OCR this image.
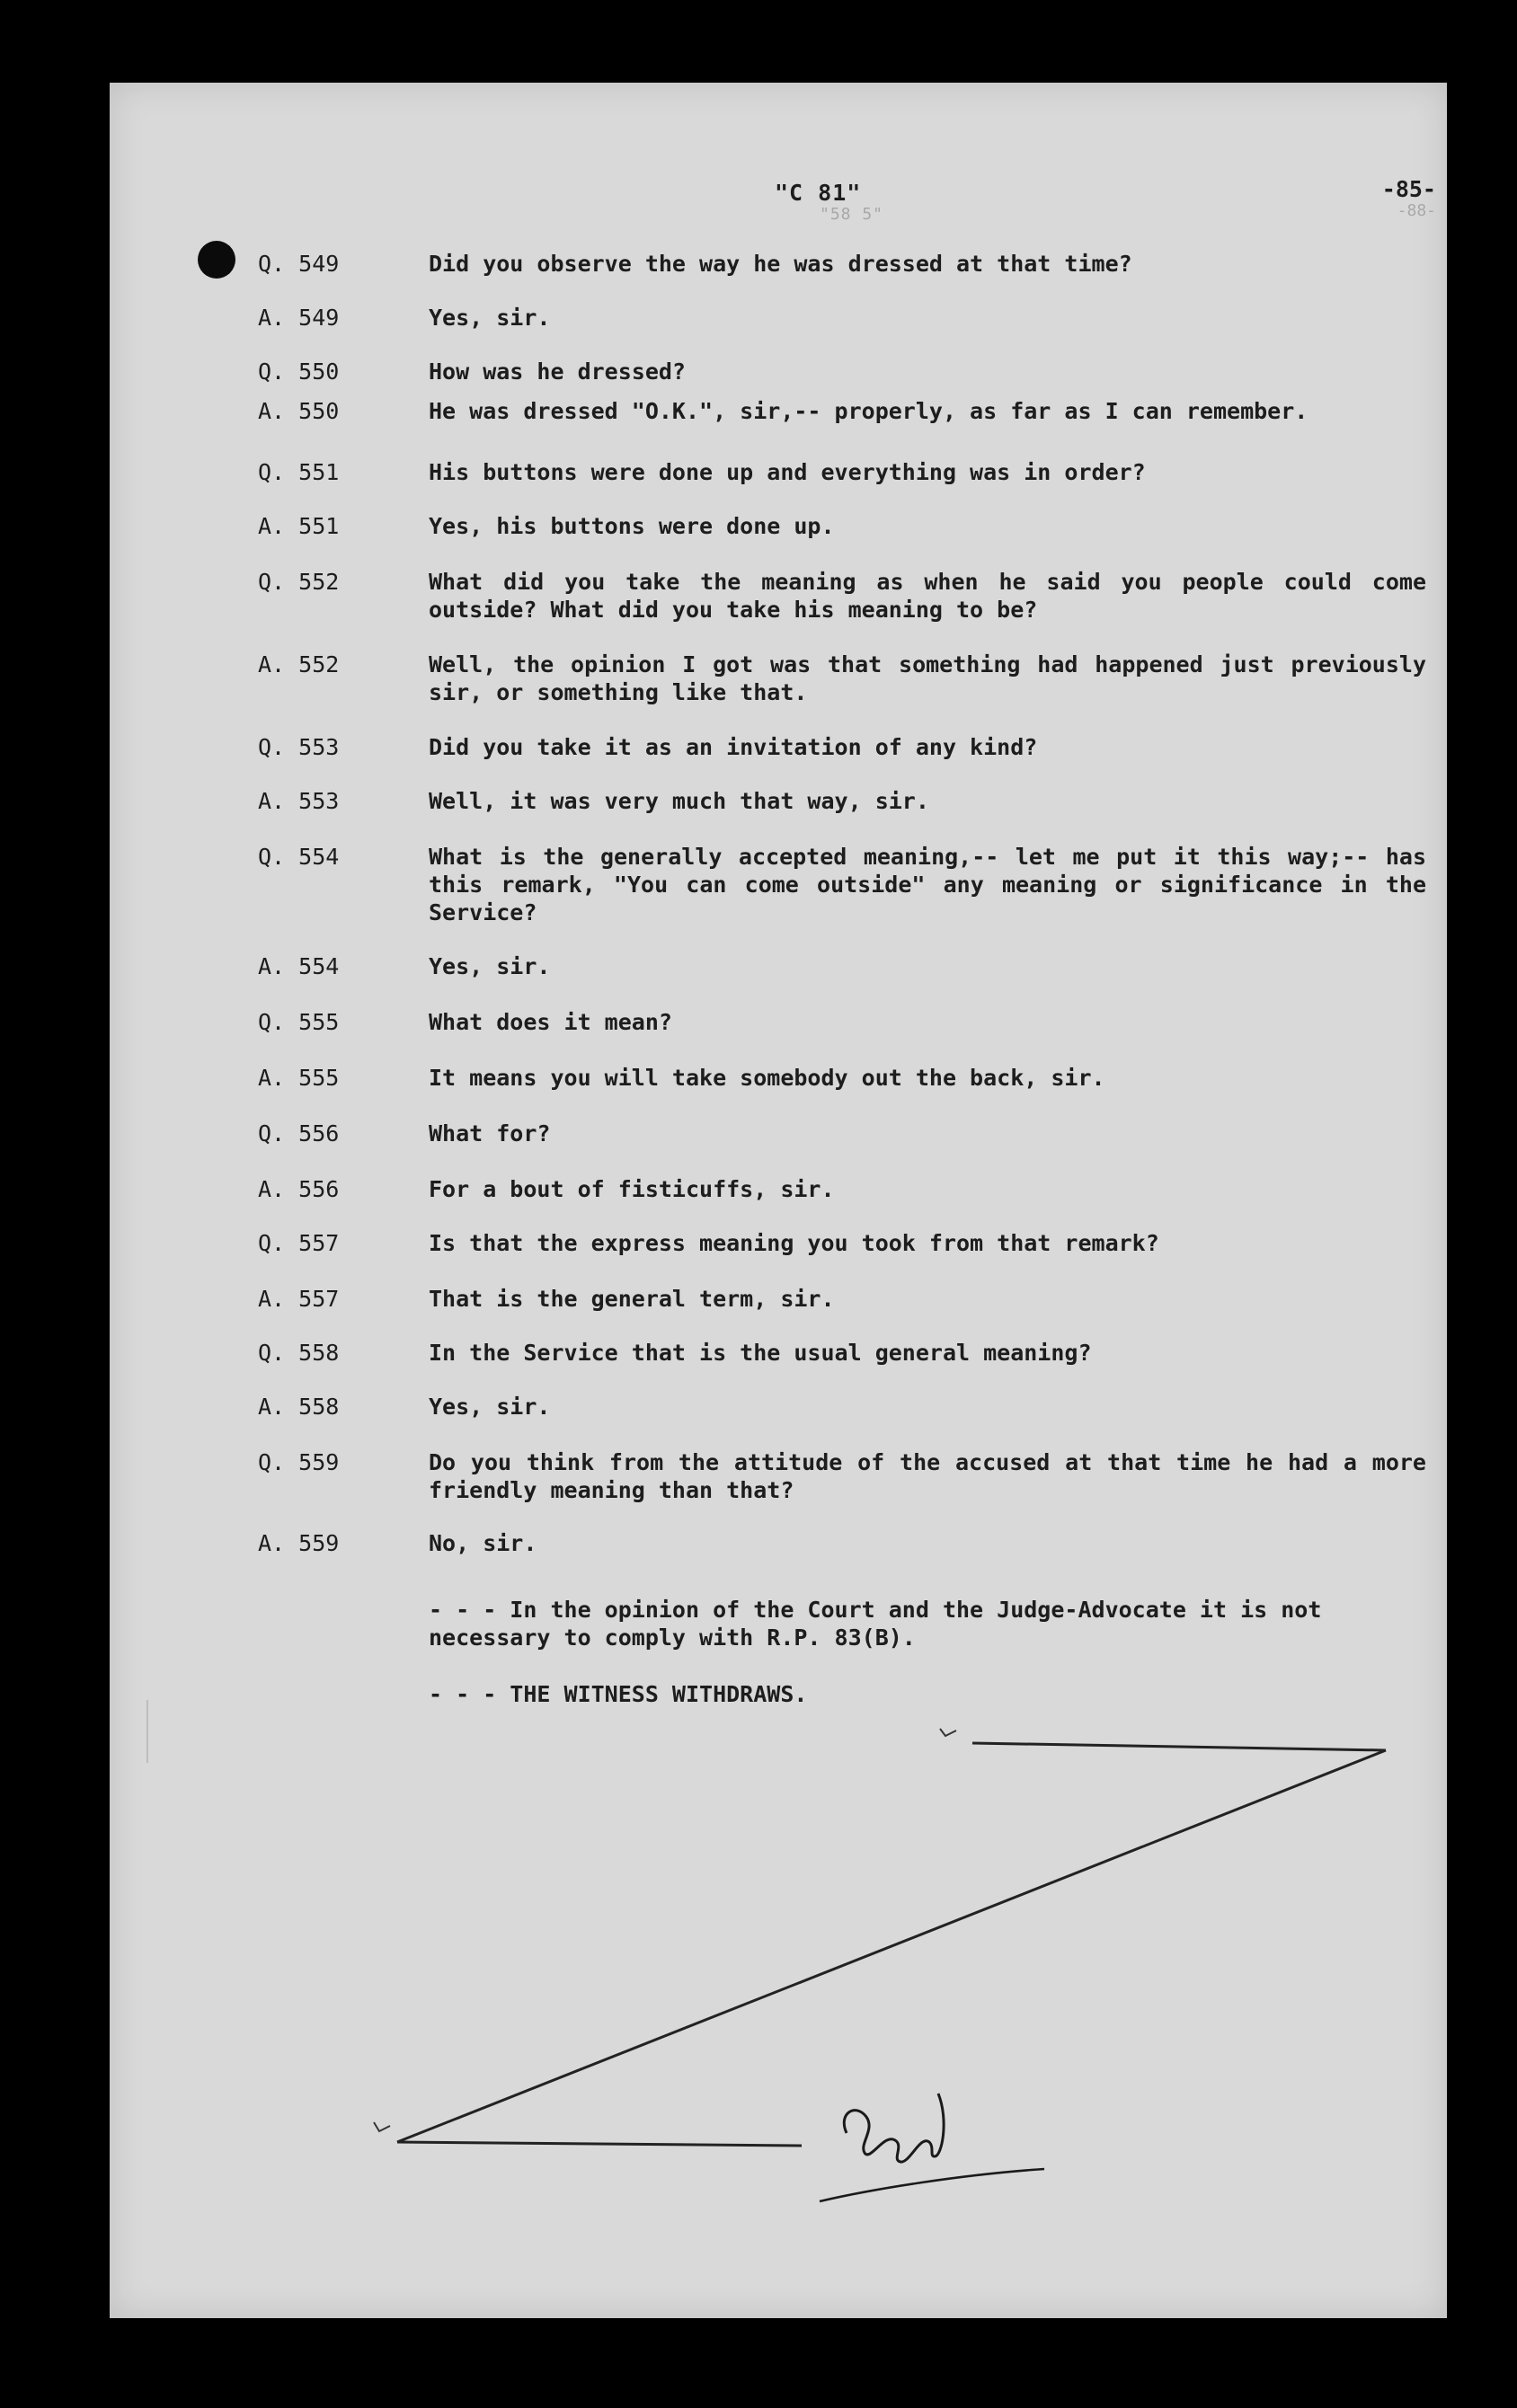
"58 5"
"C 81"
-88-
-85-
Q. 549	Did you observe the way he was dressed at that time?
A. 549	Yes, sir.
Q. 550	How was he dressed?
A. 550	He was dressed "O.K.", sir,-- properly, as far as I can remember.
Q. 551	His buttons were done up and everything was in order?
A. 551	Yes, his buttons were done up.
Q. 552	What did you take the meaning as when he said you people could come outside? What did you take his meaning to be?
A. 552	Well, the opinion I got was that something had happened just previously sir, or something like that.
Q. 553	Did you take it as an invitation of any kind?
A. 553	Well, it was very much that way, sir.
Q. 554	What is the generally accepted meaning,-- let me put it this way;-- has this remark, "You can come outside" any meaning or significance in the Service?
A. 554	Yes, sir.
Q. 555	What does it mean?
A. 555	It means you will take somebody out the back, sir.
Q. 556	What for?
A. 556	For a bout of fisticuffs, sir.
Q. 557	Is that the express meaning you took from that remark?
A. 557	That is the general term, sir.
Q. 558	In the Service that is the usual general meaning?
A. 558	Yes, sir.
Q. 559	Do you think from the attitude of the accused at that time he had a more friendly meaning than that?
A. 559	No, sir.
- - - In the opinion of the Court and the Judge-Advocate it is not necessary to comply with R.P. 83(B).
- - - THE WITNESS WITHDRAWS.
